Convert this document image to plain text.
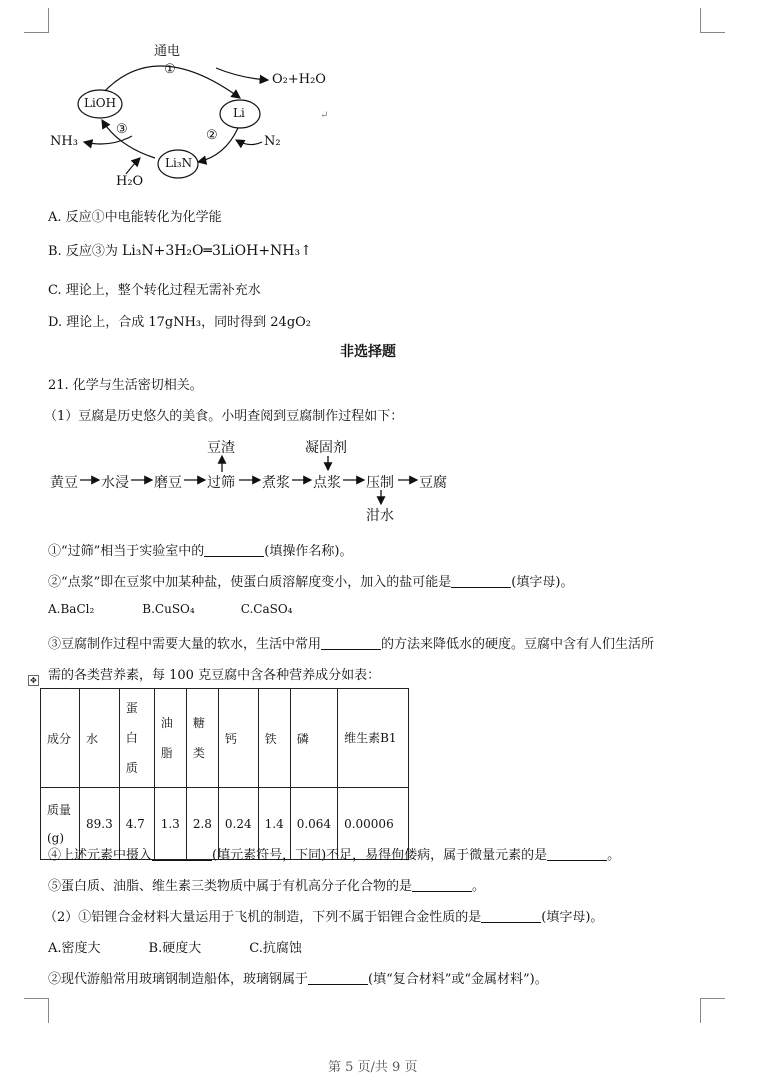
通电
①
②
③
O₂+H₂O
LiOH
Li
Li₃N
N₂
NH₃
H₂O
↵
A. 反应①中电能转化为化学能
B. 反应③为 Li₃N+3H₂O═3LiOH+NH₃↑
C. 理论上，整个转化过程无需补充水
D. 理论上，合成 17gNH₃，同时得到 24gO₂
非选择题
21. 化学与生活密切相关。
（1）豆腐是历史悠久的美食。小明查阅到豆腐制作过程如下：
黄豆 水浸 磨豆 过筛 煮浆 点浆 压制 豆腐
豆渣	凝固剂
泔水
①“过筛”相当于实验室中的	(填操作名称)。
②“点浆”即在豆浆中加某种盐，使蛋白质溶解度变小，加入的盐可能是	(填字母)。
A.BaCl₂	B.CuSO₄	C.CaSO₄
③豆腐制作过程中需要大量的软水，生活中常用	的方法来降低水的硬度。豆腐中含有人们生活所
需的各类营养素，每 100 克豆腐中含各种营养成分如表：
✥
成分	水	蛋白质	油脂	糖类	钙	铁	磷	维生素B1
质量(g)	89.3	4.7	1.3	2.8	0.24	1.4	0.064	0.00006
④上述元素中摄入	(填元素符号，下同)不足，易得佝偻病，属于微量元素的是	。
⑤蛋白质、油脂、维生素三类物质中属于有机高分子化合物的是	。
（2）①铝锂合金材料大量运用于飞机的制造，下列不属于铝锂合金性质的是	(填字母)。
A.密度大	B.硬度大	C.抗腐蚀
②现代游船常用玻璃钢制造船体，玻璃钢属于	(填“复合材料”或“金属材料”)。
第 5 页/共 9 页
